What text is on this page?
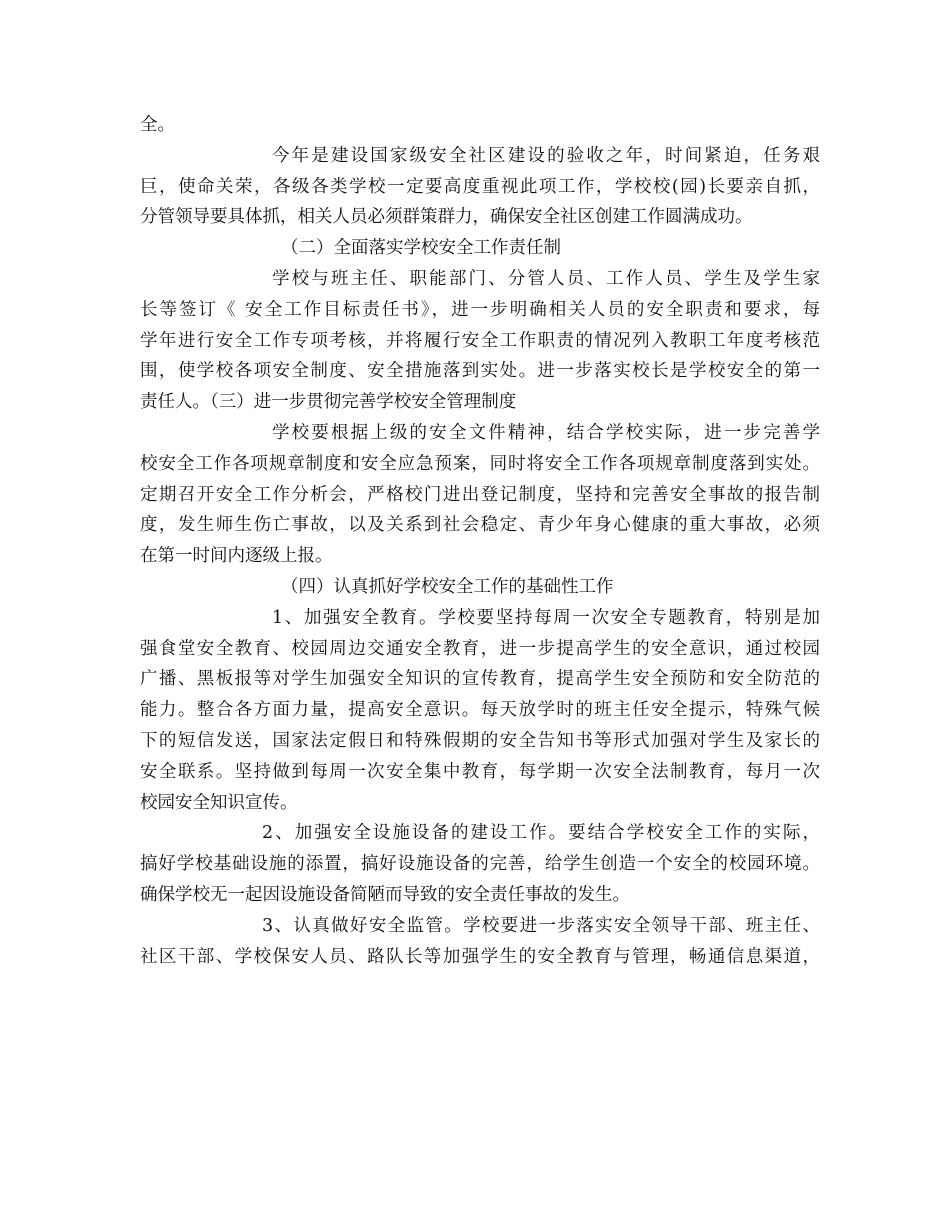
全。
今年是建设国家级安全社区建设的验收之年，时间紧迫，任务艰
巨，使命关荣，各级各类学校一定要高度重视此项工作，学校校(园)长要亲自抓，
分管领导要具体抓，相关人员必须群策群力，确保安全社区创建工作圆满成功。
（二）全面落实学校安全工作责任制
学校与班主任、职能部门、分管人员、工作人员、学生及学生家
长等签订《 安全工作目标责任书》，进一步明确相关人员的安全职责和要求，每
学年进行安全工作专项考核，并将履行安全工作职责的情况列入教职工年度考核范
围，使学校各项安全制度、安全措施落到实处。进一步落实校长是学校安全的第一
责任人。（三）进一步贯彻完善学校安全管理制度
学校要根据上级的安全文件精神，结合学校实际，进一步完善学
校安全工作各项规章制度和安全应急预案，同时将安全工作各项规章制度落到实处。
定期召开安全工作分析会，严格校门进出登记制度，坚持和完善安全事故的报告制
度，发生师生伤亡事故，以及关系到社会稳定、青少年身心健康的重大事故，必须
在第一时间内逐级上报。
（四）认真抓好学校安全工作的基础性工作
1、加强安全教育。学校要坚持每周一次安全专题教育，特别是加
强食堂安全教育、校园周边交通安全教育，进一步提高学生的安全意识，通过校园
广播、黑板报等对学生加强安全知识的宣传教育，提高学生安全预防和安全防范的
能力。整合各方面力量，提高安全意识。每天放学时的班主任安全提示，特殊气候
下的短信发送，国家法定假日和特殊假期的安全告知书等形式加强对学生及家长的
安全联系。坚持做到每周一次安全集中教育，每学期一次安全法制教育，每月一次
校园安全知识宣传。
2、加强安全设施设备的建设工作。要结合学校安全工作的实际，
搞好学校基础设施的添置，搞好设施设备的完善，给学生创造一个安全的校园环境。
确保学校无一起因设施设备简陋而导致的安全责任事故的发生。
3、认真做好安全监管。学校要进一步落实安全领导干部、班主任、
社区干部、学校保安人员、路队长等加强学生的安全教育与管理，畅通信息渠道，
